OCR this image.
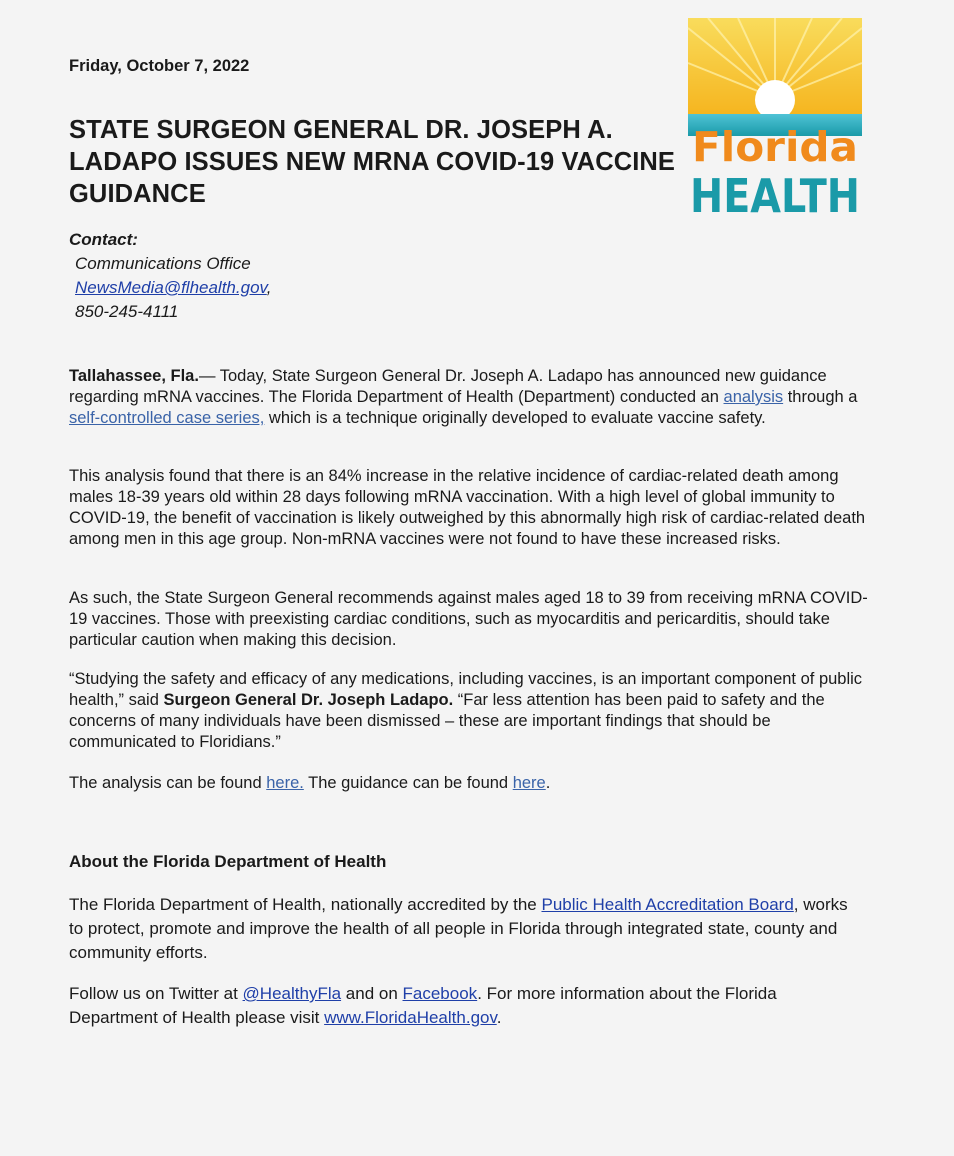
Friday, October 7, 2022
STATE SURGEON GENERAL DR. JOSEPH A. LADAPO ISSUES NEW MRNA COVID-19 VACCINE GUIDANCE
Florida
HEALTH
Contact:
Communications Office
NewsMedia@flhealth.gov,
850-245-4111

Tallahassee, Fla.— Today, State Surgeon General Dr. Joseph A. Ladapo has announced new guidance regarding mRNA vaccines. The Florida Department of Health (Department) conducted an analysis through a self-controlled case series, which is a technique originally developed to evaluate vaccine safety.

This analysis found that there is an 84% increase in the relative incidence of cardiac-related death among males 18-39 years old within 28 days following mRNA vaccination. With a high level of global immunity to COVID-19, the benefit of vaccination is likely outweighed by this abnormally high risk of cardiac-related death among men in this age group. Non-mRNA vaccines were not found to have these increased risks.

As such, the State Surgeon General recommends against males aged 18 to 39 from receiving mRNA COVID-19 vaccines. Those with preexisting cardiac conditions, such as myocarditis and pericarditis, should take particular caution when making this decision.

“Studying the safety and efficacy of any medications, including vaccines, is an important component of public health,” said Surgeon General Dr. Joseph Ladapo. “Far less attention has been paid to safety and the concerns of many individuals have been dismissed – these are important findings that should be communicated to Floridians.”

The analysis can be found here. The guidance can be found here.

About the Florida Department of Health

The Florida Department of Health, nationally accredited by the Public Health Accreditation Board, works to protect, promote and improve the health of all people in Florida through integrated state, county and community efforts.

Follow us on Twitter at @HealthyFla and on Facebook. For more information about the Florida Department of Health please visit www.FloridaHealth.gov.
